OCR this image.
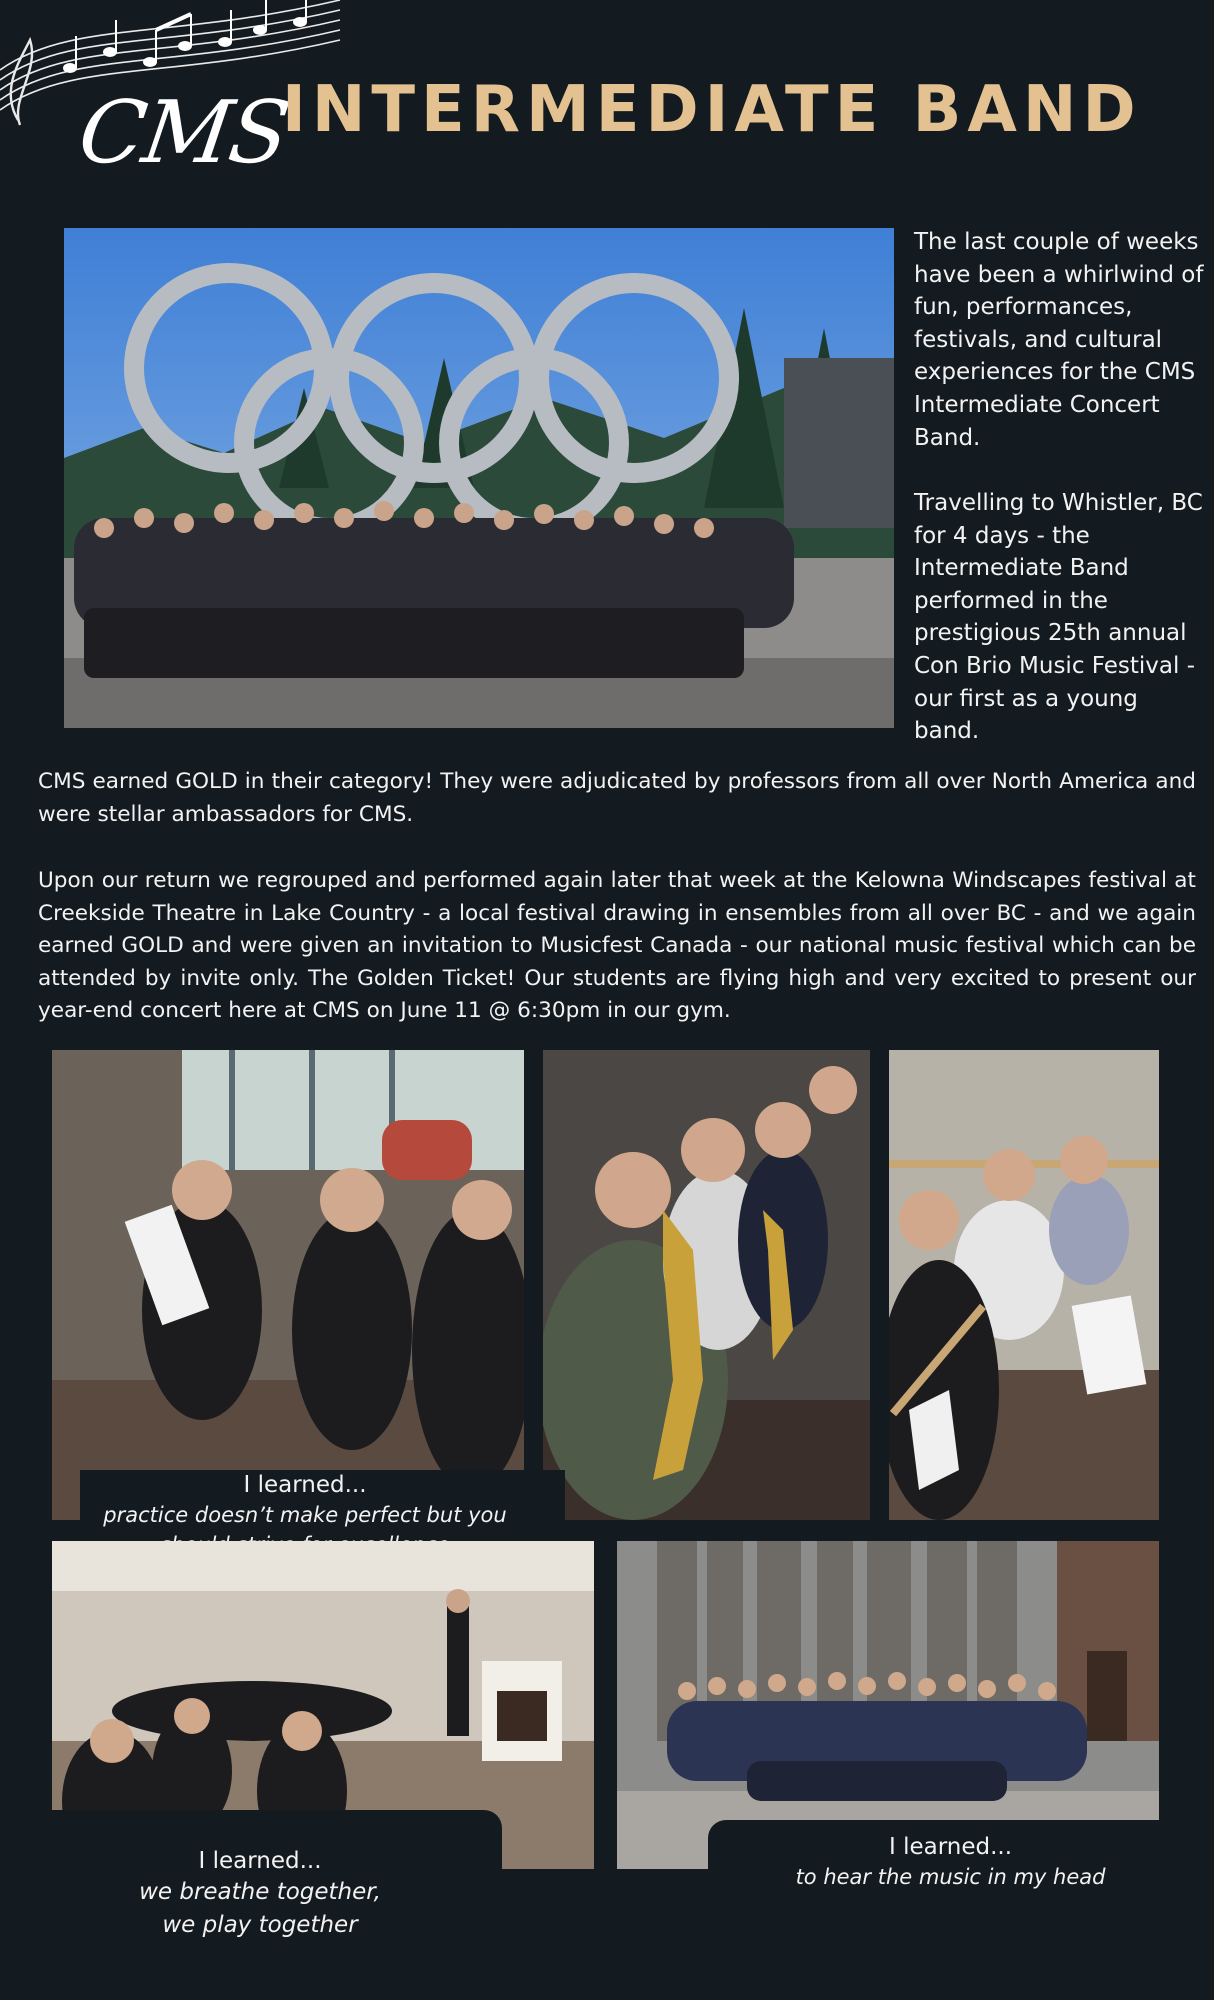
CMS
INTERMEDIATE BAND
The last couple of weeks have been a whirlwind of fun, performances, festivals, and cultural experiences for the CMS Intermediate Concert Band.
Travelling to Whistler, BC for 4 days - the Intermediate Band performed in the prestigious 25th annual Con Brio Music Festival - our first as a young band.
CMS earned GOLD in their category! They were adjudicated by professors from all over North America and were stellar ambassadors for CMS.
Upon our return we regrouped and performed again later that week at the Kelowna Windscapes festival at Creekside Theatre in Lake Country - a local festival drawing in ensembles from all over BC - and we again earned GOLD and were given an invitation to Musicfest Canada - our national music festival which can be attended by invite only. The Golden Ticket! Our students are flying high and very excited to present our year-end concert here at CMS on June 11 @ 6:30pm in our gym.
I learned...
practice doesn’t make perfect but you
I learned...
we breathe together,
we play together
I learned...
to hear the music in my head
